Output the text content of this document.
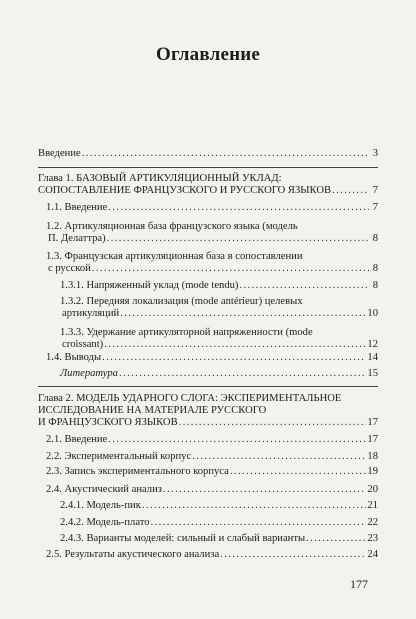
Оглавление
Введение .....	3
Глава 1. БАЗОВЫЙ АРТИКУЛЯЦИОННЫЙ УКЛАД:
СОПОСТАВЛЕНИЕ ФРАНЦУЗСКОГО И РУССКОГО ЯЗЫКОВ .....	7
1.1. Введение .....	7
1.2. Артикуляционная база французского языка (модель
П. Делаттра) .....	8
1.3. Французская артикуляционная база в сопоставлении
с русской .....	8
1.3.1. Напряженный уклад (mode tendu) .....	8
1.3.2. Передняя локализация (mode antérieur) целевых
артикуляций .....	10
1.3.3. Удержание артикуляторной напряженности (mode
croissant) .....	12
1.4. Выводы .....	14
Литература .....	15
Глава 2. МОДЕЛЬ УДАРНОГО СЛОГА: ЭКСПЕРИМЕНТАЛЬНОЕ
ИССЛЕДОВАНИЕ НА МАТЕРИАЛЕ РУССКОГО
И ФРАНЦУЗСКОГО ЯЗЫКОВ .....	17
2.1. Введение .....	17
2.2. Экспериментальный корпус .....	18
2.3. Запись экспериментального корпуса .....	19
2.4. Акустический анализ .....	20
2.4.1. Модель-пик .....	21
2.4.2. Модель-плато .....	22
2.4.3. Варианты моделей: сильный и слабый варианты .....	23
2.5. Результаты акустического анализа .....	24
177
